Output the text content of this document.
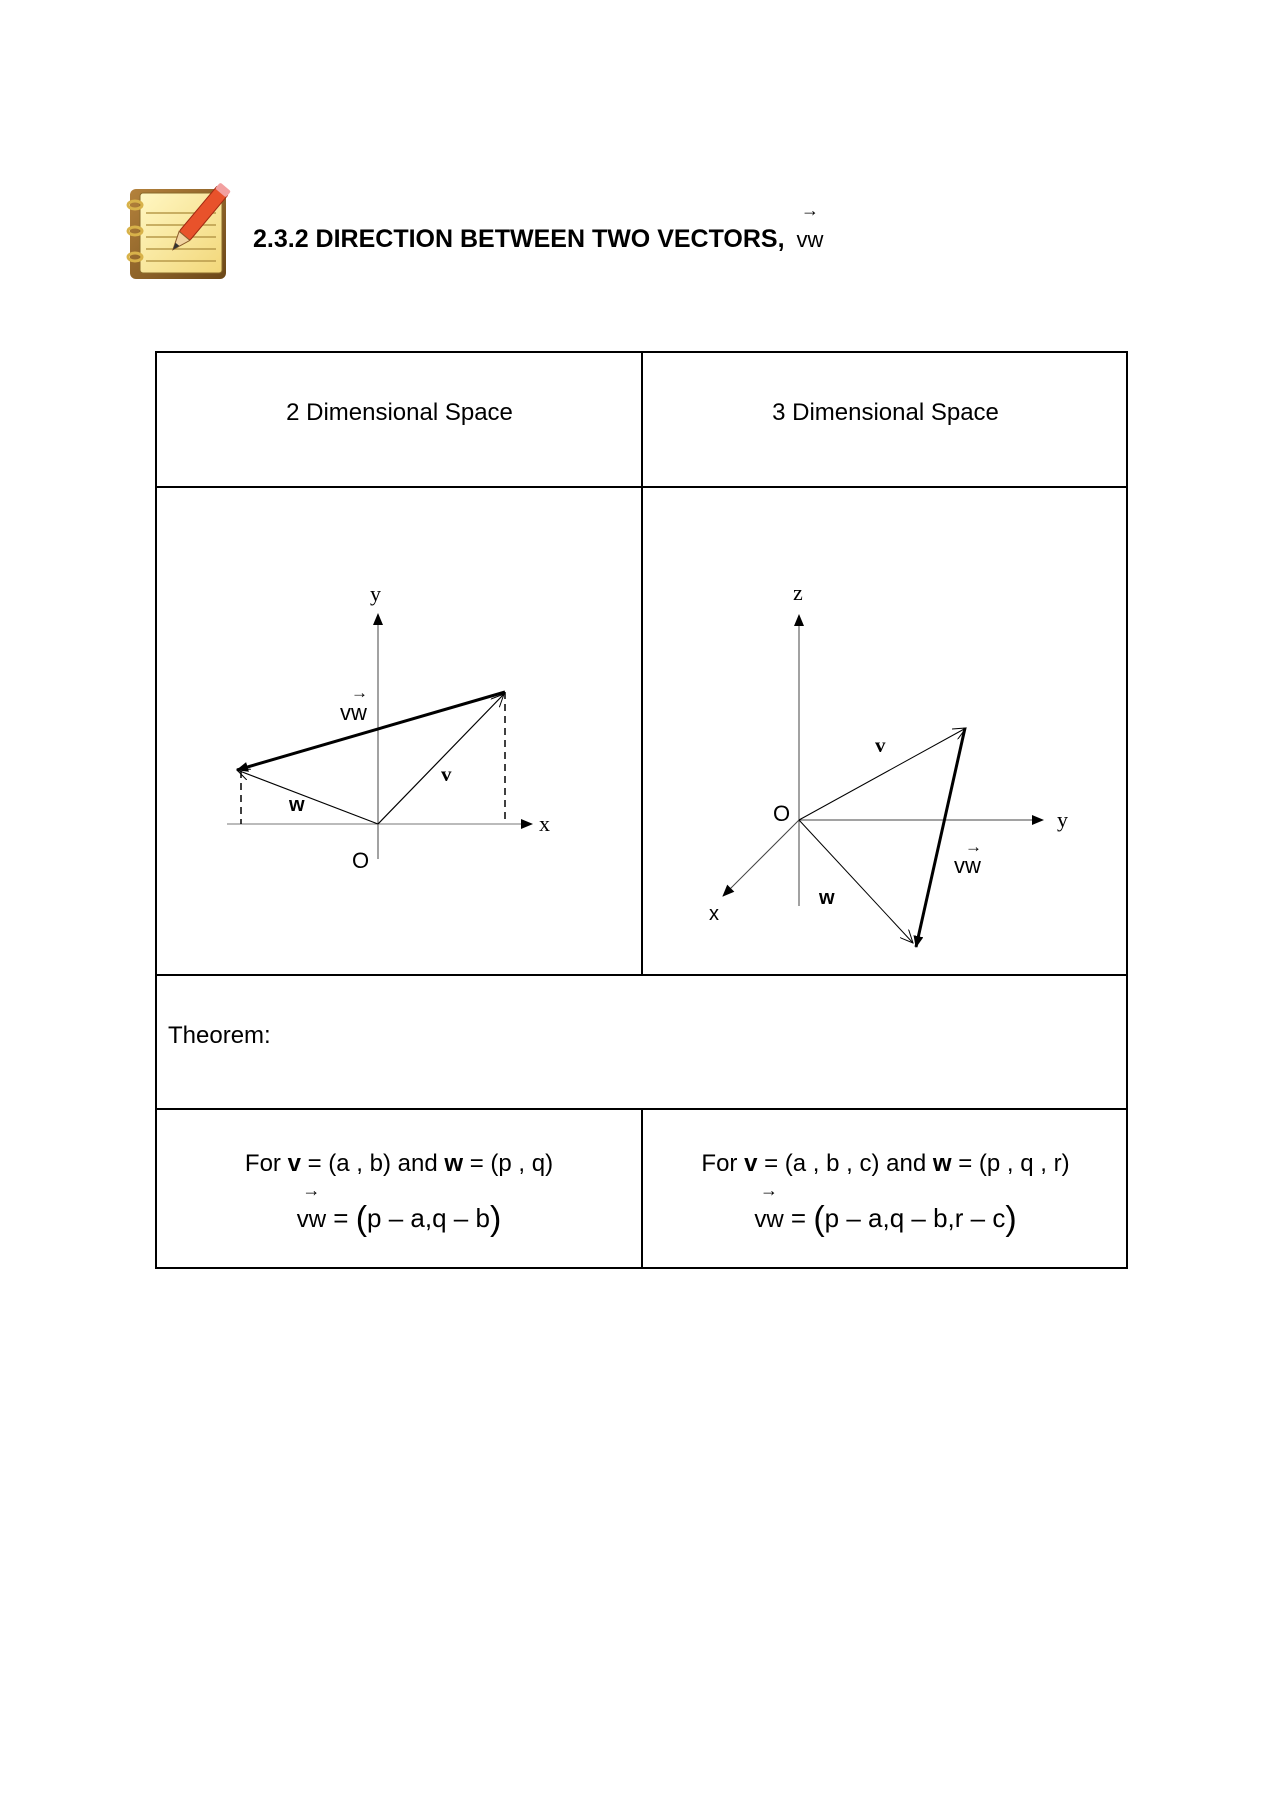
2.3.2 DIRECTION BETWEEN TWO VECTORS,
→
vw
2 Dimensional Space	3 Dimensional Space
y
x
O
v
w
→
vw
z
y
x
O
v
w
→
vw
Theorem:
For v = (a , b) and w = (p , q)
→
vw = (p – a,q – b)
For v = (a , b , c) and w = (p , q , r)
→
vw = (p – a,q – b,r – c)
